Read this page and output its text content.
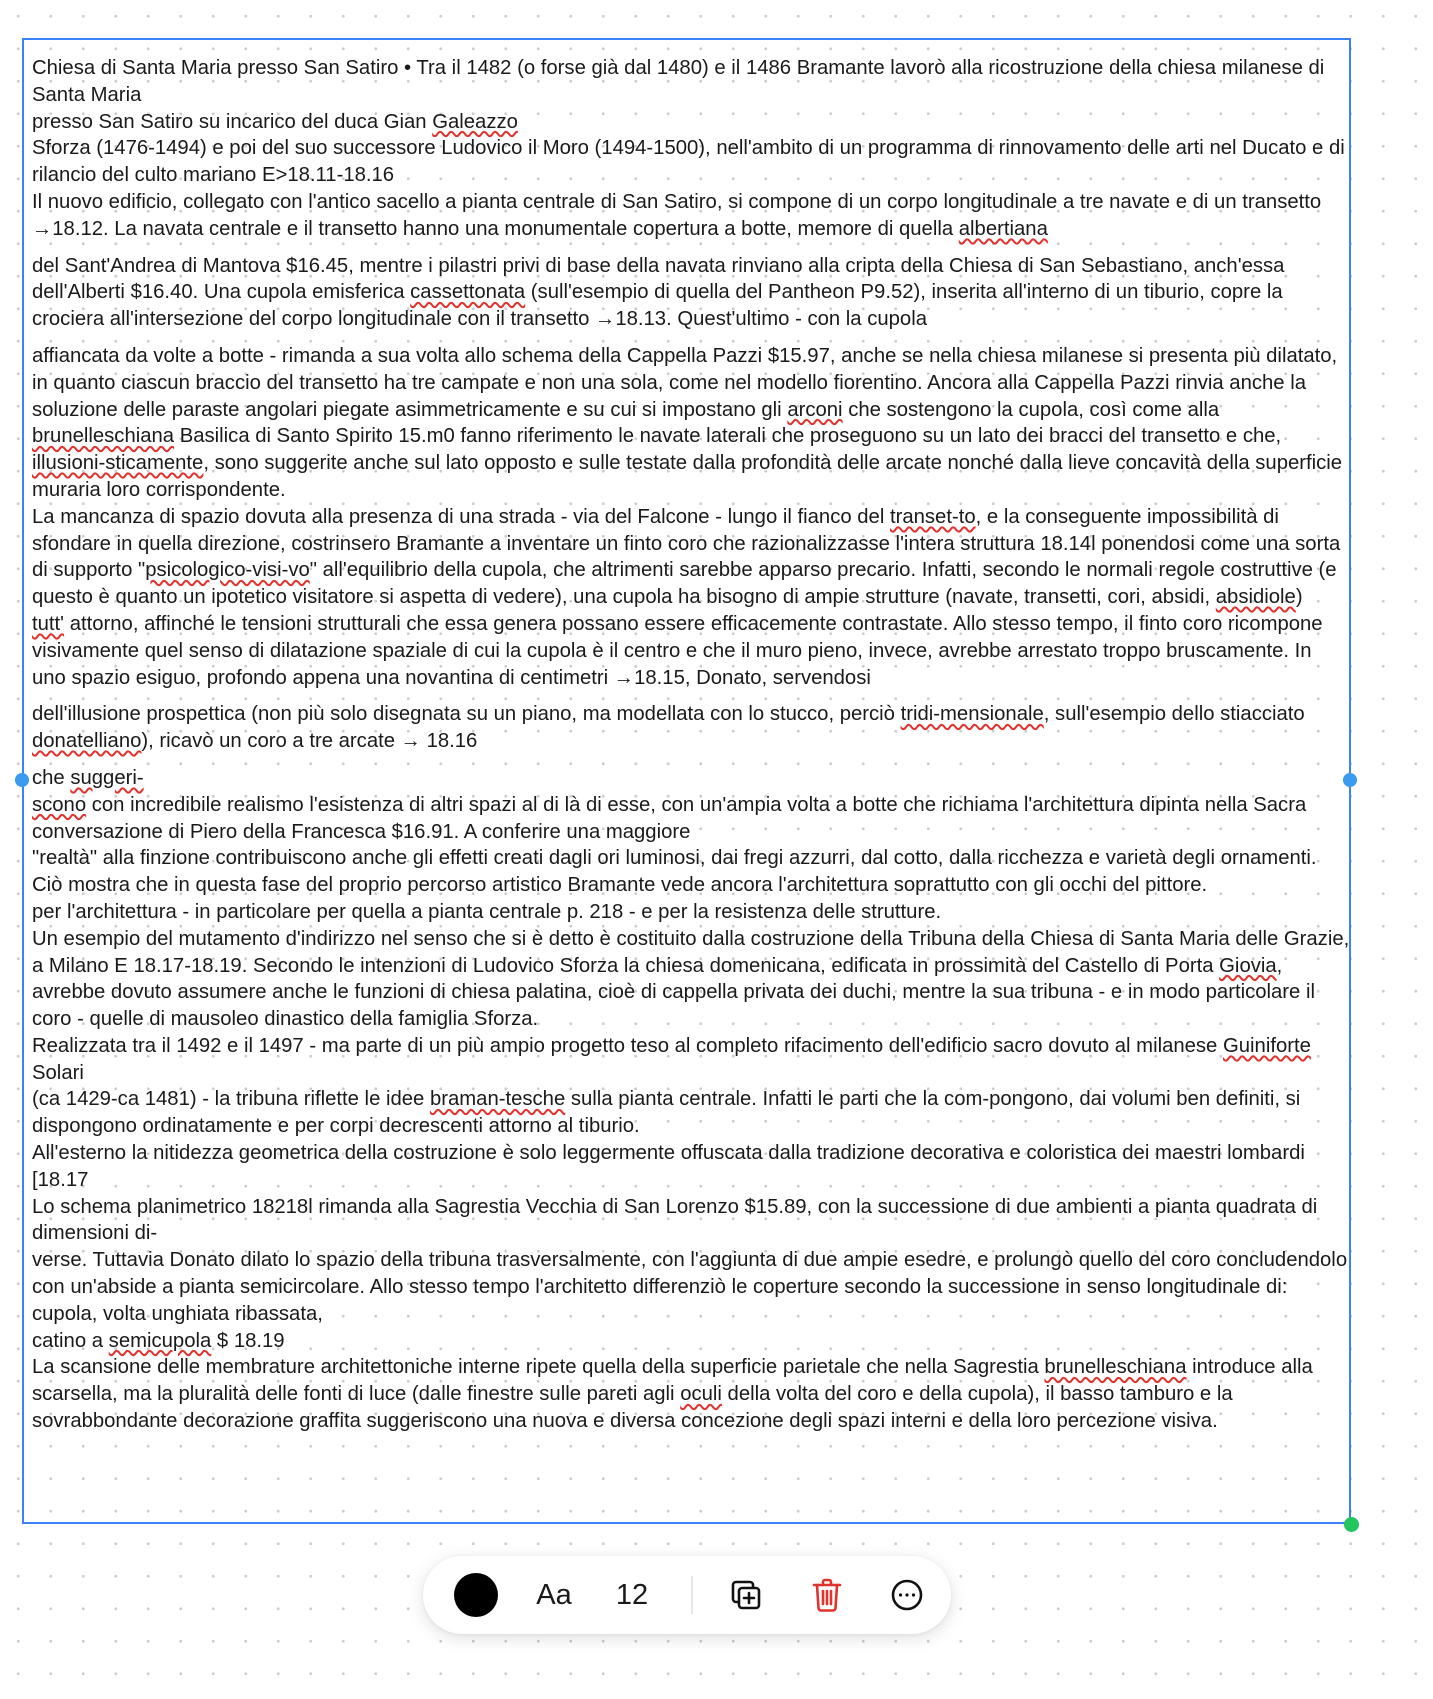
Chiesa di Santa Maria presso San Satiro • Tra il 1482 (o forse già dal 1480) e il 1486 Bramante lavorò alla ricostruzione della chiesa milanese di Santa Maria

presso San Satiro su incarico del duca Gian Galeazzo

Sforza (1476-1494) e poi del suo successore Ludovico il Moro (1494-1500), nell'ambito di un programma di rinnovamento delle arti nel Ducato e di rilancio del culto mariano E>18.11-18.16

Il nuovo edificio, collegato con l'antico sacello a pianta centrale di San Satiro, si compone di un corpo longitudinale a tre navate e di un transetto →18.12. La navata centrale e il transetto hanno una monumentale copertura a botte, memore di quella albertiana

del Sant'Andrea di Mantova $16.45, mentre i pilastri privi di base della navata rinviano alla cripta della Chiesa di San Sebastiano, anch'essa dell'Alberti $16.40. Una cupola emisferica cassettonata (sull'esempio di quella del Pantheon P9.52), inserita all'interno di un tiburio, copre la crociera all'intersezione del corpo longitudinale con il transetto →18.13. Quest'ultimo - con la cupola

affiancata da volte a botte - rimanda a sua volta allo schema della Cappella Pazzi $15.97, anche se nella chiesa milanese si presenta più dilatato, in quanto ciascun braccio del transetto ha tre campate e non una sola, come nel modello fiorentino. Ancora alla Cappella Pazzi rinvia anche la soluzione delle paraste angolari piegate asimmetricamente e su cui si impostano gli arconi che sostengono la cupola, così come alla brunelleschiana Basilica di Santo Spirito 15.m0 fanno riferimento le navate laterali che proseguono su un lato dei bracci del transetto e che, illusioni-sticamente, sono suggerite anche sul lato opposto e sulle testate dalla profondità delle arcate nonché dalla lieve concavità della superficie muraria loro corrispondente.

La mancanza di spazio dovuta alla presenza di una strada - via del Falcone - lungo il fianco del transet-to, e la conseguente impossibilità di sfondare in quella direzione, costrinsero Bramante a inventare un finto coro che razionalizzasse l'intera struttura 18.14l ponendosi come una sorta di supporto "psicologico-visi-vo" all'equilibrio della cupola, che altrimenti sarebbe apparso precario. Infatti, secondo le normali regole costruttive (e questo è quanto un ipotetico visitatore si aspetta di vedere), una cupola ha bisogno di ampie strutture (navate, transetti, cori, absidi, absidiole)

tutt' attorno, affinché le tensioni strutturali che essa genera possano essere efficacemente contrastate. Allo stesso tempo, il finto coro ricompone visivamente quel senso di dilatazione spaziale di cui la cupola è il centro e che il muro pieno, invece, avrebbe arrestato troppo bruscamente. In uno spazio esiguo, profondo appena una novantina di centimetri →18.15, Donato, servendosi

dell'illusione prospettica (non più solo disegnata su un piano, ma modellata con lo stucco, perciò tridi-mensionale, sull'esempio dello stiacciato donatelliano), ricavò un coro a tre arcate → 18.16

che suggeri-

scono con incredibile realismo l'esistenza di altri spazi al di là di esse, con un'ampia volta a botte che richiama l'architettura dipinta nella Sacra conversazione di Piero della Francesca $16.91. A conferire una maggiore

"realtà" alla finzione contribuiscono anche gli effetti creati dagli ori luminosi, dai fregi azzurri, dal cotto, dalla ricchezza e varietà degli ornamenti. Ciò mostra che in questa fase del proprio percorso artistico Bramante vede ancora l'architettura soprattutto con gli occhi del pittore.

per l'architettura - in particolare per quella a pianta centrale p. 218 - e per la resistenza delle strutture.

Un esempio del mutamento d'indirizzo nel senso che si è detto è costituito dalla costruzione della Tribuna della Chiesa di Santa Maria delle Grazie, a Milano E 18.17-18.19. Secondo le intenzioni di Ludovico Sforza la chiesa domenicana, edificata in prossimità del Castello di Porta Giovia, avrebbe dovuto assumere anche le funzioni di chiesa palatina, cioè di cappella privata dei duchi, mentre la sua tribuna - e in modo particolare il coro - quelle di mausoleo dinastico della famiglia Sforza.

Realizzata tra il 1492 e il 1497 - ma parte di un più ampio progetto teso al completo rifacimento dell'edificio sacro dovuto al milanese Guiniforte Solari

(ca 1429-ca 1481) - la tribuna riflette le idee braman-tesche sulla pianta centrale. Infatti le parti che la com-pongono, dai volumi ben definiti, si dispongono ordinatamente e per corpi decrescenti attorno al tiburio.

All'esterno la nitidezza geometrica della costruzione è solo leggermente offuscata dalla tradizione decorativa e coloristica dei maestri lombardi [18.17

Lo schema planimetrico 18218l rimanda alla Sagrestia Vecchia di San Lorenzo $15.89, con la successione di due ambienti a pianta quadrata di dimensioni di-

verse. Tuttavia Donato dilato lo spazio della tribuna trasversalmente, con l'aggiunta di due ampie esedre, e prolungò quello del coro concludendolo con un'abside a pianta semicircolare. Allo stesso tempo l'architetto differenziò le coperture secondo la successione in senso longitudinale di: cupola, volta unghiata ribassata,

catino a semicupola $ 18.19

La scansione delle membrature architettoniche interne ripete quella della superficie parietale che nella Sagrestia brunelleschiana introduce alla scarsella, ma la pluralità delle fonti di luce (dalle finestre sulle pareti agli oculi della volta del coro e della cupola), il basso tamburo e la sovrabbondante decorazione graffita suggeriscono una nuova e diversa concezione degli spazi interni e della loro percezione visiva.

Aa 12
